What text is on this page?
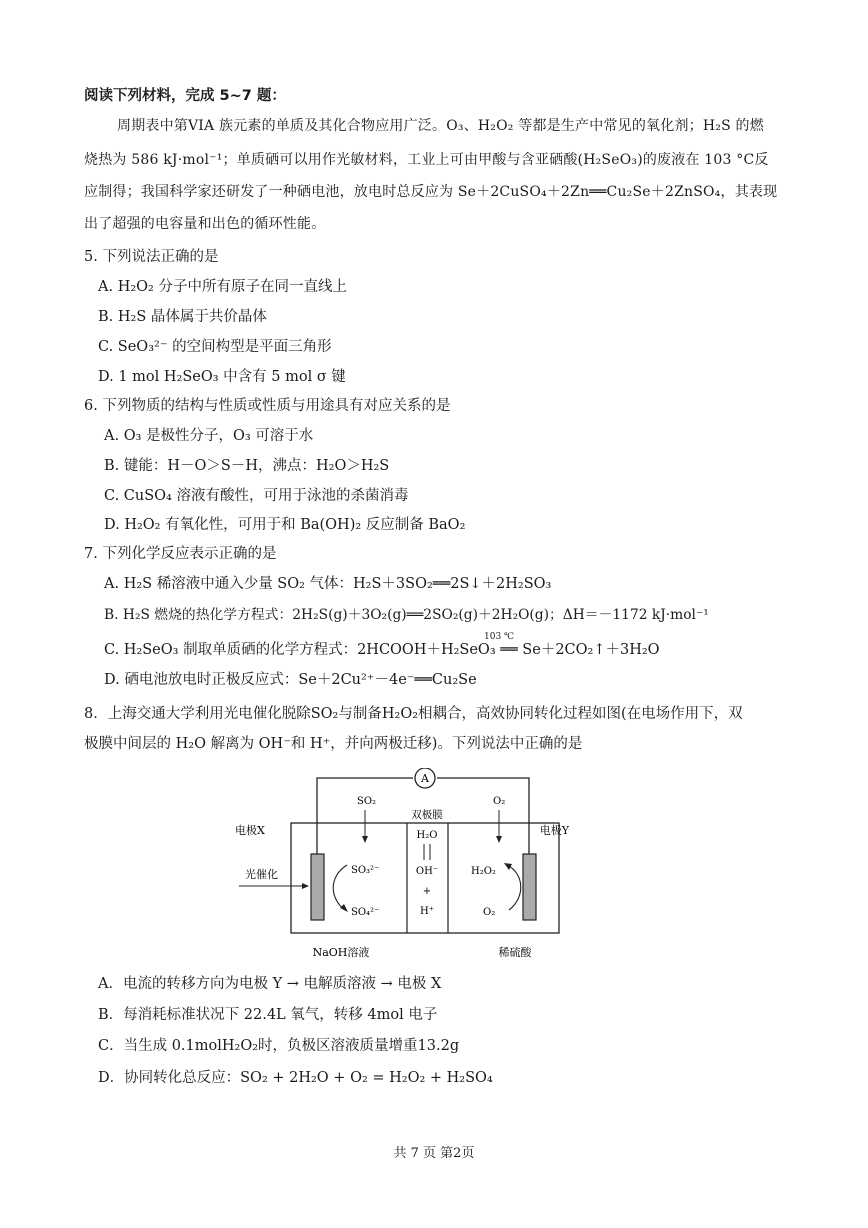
阅读下列材料，完成 5~7 题：
周期表中第VIA 族元素的单质及其化合物应用广泛。O₃、H₂O₂ 等都是生产中常见的氧化剂；H₂S 的燃
烧热为 586 kJ·mol⁻¹；单质硒可以用作光敏材料，工业上可由甲酸与含亚硒酸(H₂SeO₃)的废液在 103 °C反
应制得；我国科学家还研发了一种硒电池，放电时总反应为 Se＋2CuSO₄＋2Zn══Cu₂Se＋2ZnSO₄，其表现
出了超强的电容量和出色的循环性能。
5. 下列说法正确的是
A. H₂O₂ 分子中所有原子在同一直线上
B. H₂S 晶体属于共价晶体
C. SeO₃²⁻ 的空间构型是平面三角形
D. 1 mol H₂SeO₃ 中含有 5 mol σ 键
6. 下列物质的结构与性质或性质与用途具有对应关系的是
A. O₃ 是极性分子，O₃ 可溶于水
B. 键能：H－O＞S－H，沸点：H₂O＞H₂S
C. CuSO₄ 溶液有酸性，可用于泳池的杀菌消毒
D. H₂O₂ 有氧化性，可用于和 Ba(OH)₂ 反应制备 BaO₂
7. 下列化学反应表示正确的是
A. H₂S 稀溶液中通入少量 SO₂ 气体：H₂S＋3SO₂══2S↓＋2H₂SO₃
B. H₂S 燃烧的热化学方程式：2H₂S(g)＋3O₂(g)══2SO₂(g)＋2H₂O(g)；ΔH＝－1172 kJ·mol⁻¹
103 ℃
C. H₂SeO₃ 制取单质硒的化学方程式：2HCOOH＋H₂SeO₃ ══ Se＋2CO₂↑＋3H₂O
D. 硒电池放电时正极反应式：Se＋2Cu²⁺－4e⁻══Cu₂Se
8．上海交通大学利用光电催化脱除SO₂与制备H₂O₂相耦合，高效协同转化过程如图(在电场作用下，双
极膜中间层的 H₂O 解离为 OH⁻和 H⁺，并向两极迁移)。下列说法中正确的是
A
电极X	电极Y
光催化
双极膜
SO₂	O₂
SO₃²⁻
SO₄²⁻
H₂O
OH⁻
+
H⁺
H₂O₂
O₂
NaOH溶液	稀硫酸
A．电流的转移方向为电极 Y → 电解质溶液 → 电极 X
B．每消耗标准状况下 22.4L 氧气，转移 4mol 电子
C．当生成 0.1molH₂O₂时，负极区溶液质量增重13.2g
D．协同转化总反应：SO₂ + 2H₂O + O₂ = H₂O₂ + H₂SO₄
共 7 页 第2页
